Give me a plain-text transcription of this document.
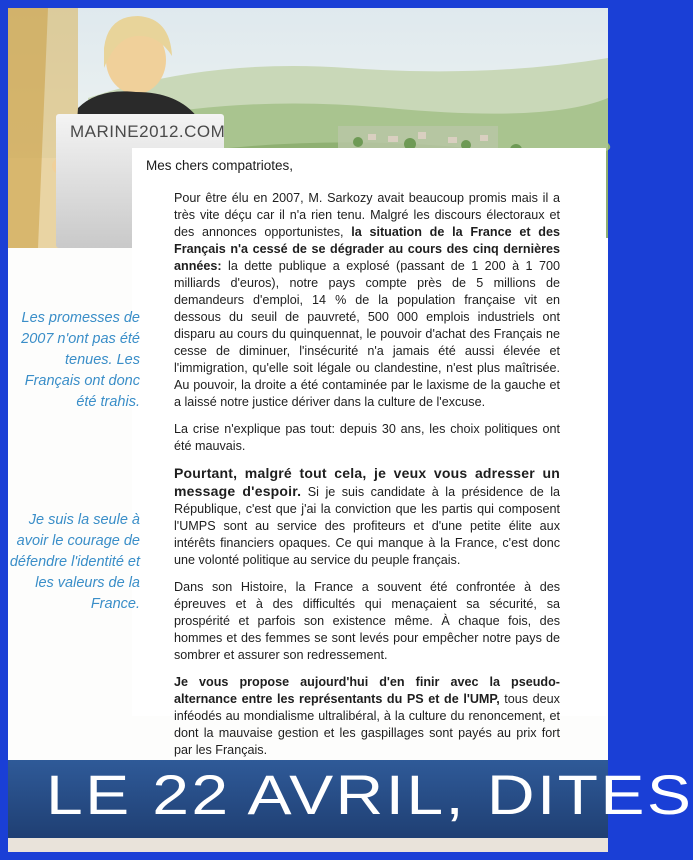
MARINE2012.COM
Mes chers compatriotes,

Pour être élu en 2007, M. Sarkozy avait beaucoup promis mais il a très vite déçu car il n'a rien tenu. Malgré les discours électoraux et des annonces opportunistes, la situation de la France et des Français n'a cessé de se dégrader au cours des cinq dernières années: la dette publique a explosé (passant de 1 200 à 1 700 milliards d'euros), notre pays compte près de 5 millions de demandeurs d'emploi, 14 % de la population française vit en dessous du seuil de pauvreté, 500 000 emplois industriels ont disparu au cours du quinquennat, le pouvoir d'achat des Français ne cesse de diminuer, l'insécurité n'a jamais été aussi élevée et l'immigration, qu'elle soit légale ou clandestine, n'est plus maîtrisée. Au pouvoir, la droite a été contaminée par le laxisme de la gauche et a laissé notre justice dériver dans la culture de l'excuse.

La crise n'explique pas tout: depuis 30 ans, les choix politiques ont été mauvais.

Pourtant, malgré tout cela, je veux vous adresser un message d'espoir. Si je suis candidate à la présidence de la République, c'est que j'ai la conviction que les partis qui composent l'UMPS sont au service des profiteurs et d'une petite élite aux intérêts financiers opaques. Ce qui manque à la France, c'est donc une volonté politique au service du peuple français.

Dans son Histoire, la France a souvent été confrontée à des épreuves et à des difficultés qui menaçaient sa sécurité, sa prospérité et parfois son existence même. À chaque fois, des hommes et des femmes se sont levés pour empêcher notre pays de sombrer et assurer son redressement.

Je vous propose aujourd'hui d'en finir avec la pseudo-alternance entre les représentants du PS et de l'UMP, tous deux inféodés au mondialisme ultralibéral, à la culture du renoncement, et dont la mauvaise gestion et les gaspillages sont payés au prix fort par les Français.

Les promesses de 2007 n'ont pas été tenues. Les Français ont donc été trahis.
Je suis la seule à avoir le courage de défendre l'identité et les valeurs de la France.
LE 22 AVRIL, DITES
